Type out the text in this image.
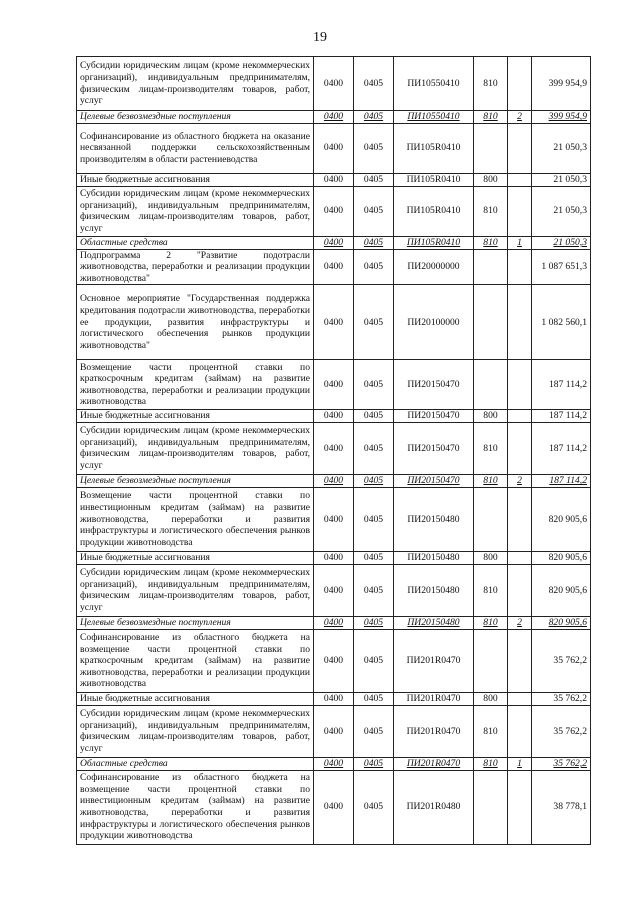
19
Субсидии юридическим лицам (кроме некоммерческих организаций), индивидуальным предпринимателям, физическим лицам-производителям товаров, работ, услуг	0400	0405	ПИ10550410	810		399 954,9
Целевые безвозмездные поступления	0400	0405	ПИ10550410	810	2	399 954,9
Софинансирование из областного бюджета на оказание несвязанной поддержки сельскохозяйственным производителям в области растениеводства	0400	0405	ПИ105R0410			21 050,3
Иные бюджетные ассигнования	0400	0405	ПИ105R0410	800		21 050,3
Субсидии юридическим лицам (кроме некоммерческих организаций), индивидуальным предпринимателям, физическим лицам-производителям товаров, работ, услуг	0400	0405	ПИ105R0410	810		21 050,3
Областные средства	0400	0405	ПИ105R0410	810	1	21 050,3
Подпрограмма 2 "Развитие подотрасли животноводства, переработки и реализации продукции животноводства"	0400	0405	ПИ20000000			1 087 651,3
Основное мероприятие "Государственная поддержка кредитования подотрасли животноводства, переработки ее продукции, развития инфраструктуры и логистического обеспечения рынков продукции животноводства"	0400	0405	ПИ20100000			1 082 560,1
Возмещение части процентной ставки по краткосрочным кредитам (займам) на развитие животноводства, переработки и реализации продукции животноводства	0400	0405	ПИ20150470			187 114,2
Иные бюджетные ассигнования	0400	0405	ПИ20150470	800		187 114,2
Субсидии юридическим лицам (кроме некоммерческих организаций), индивидуальным предпринимателям, физическим лицам-производителям товаров, работ, услуг	0400	0405	ПИ20150470	810		187 114,2
Целевые безвозмездные поступления	0400	0405	ПИ20150470	810	2	187 114,2
Возмещение части процентной ставки по инвестиционным кредитам (займам) на развитие животноводства, переработки и развития инфраструктуры и логистического обеспечения рынков продукции животноводства	0400	0405	ПИ20150480			820 905,6
Иные бюджетные ассигнования	0400	0405	ПИ20150480	800		820 905,6
Субсидии юридическим лицам (кроме некоммерческих организаций), индивидуальным предпринимателям, физическим лицам-производителям товаров, работ, услуг	0400	0405	ПИ20150480	810		820 905,6
Целевые безвозмездные поступления	0400	0405	ПИ20150480	810	2	820 905,6
Софинансирование из областного бюджета на возмещение части процентной ставки по краткосрочным кредитам (займам) на развитие животноводства, переработки и реализации продукции животноводства	0400	0405	ПИ201R0470			35 762,2
Иные бюджетные ассигнования	0400	0405	ПИ201R0470	800		35 762,2
Субсидии юридическим лицам (кроме некоммерческих организаций), индивидуальным предпринимателям, физическим лицам-производителям товаров, работ, услуг	0400	0405	ПИ201R0470	810		35 762,2
Областные средства	0400	0405	ПИ201R0470	810	1	35 762,2
Софинансирование из областного бюджета на возмещение части процентной ставки по инвестиционным кредитам (займам) на развитие животноводства, переработки и развития инфраструктуры и логистического обеспечения рынков продукции животноводства	0400	0405	ПИ201R0480			38 778,1
